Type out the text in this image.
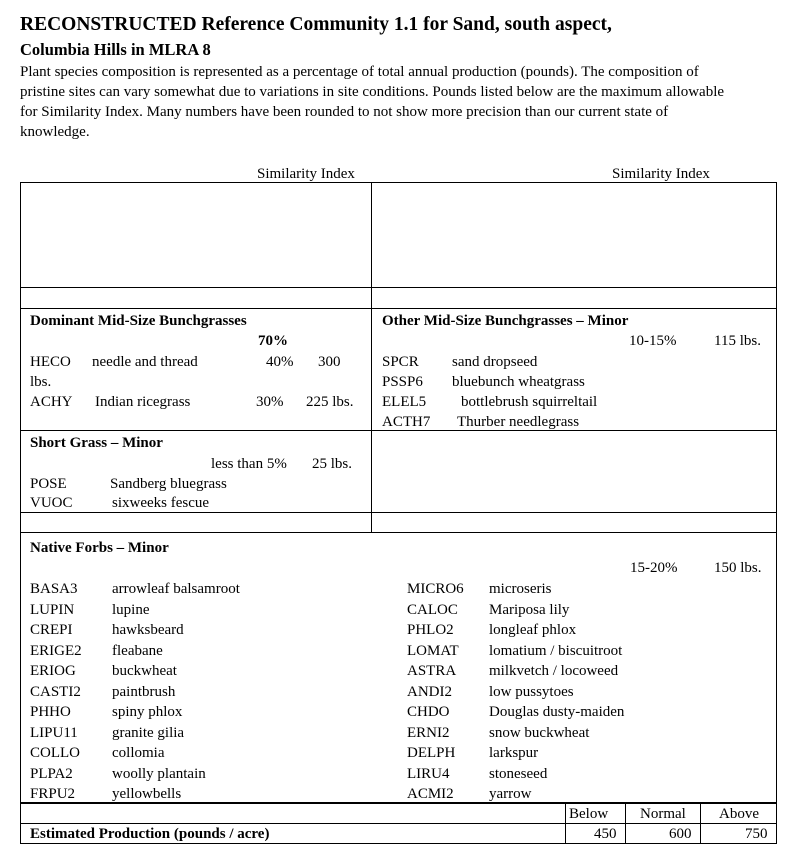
RECONSTRUCTED Reference Community 1.1 for Sand, south aspect,
Columbia Hills in MLRA 8
Plant species composition is represented as a percentage of total annual production (pounds). The composition of pristine sites can vary somewhat due to variations in site conditions. Pounds listed below are the maximum allowable for Similarity Index. Many numbers have been rounded to not show more precision than our current state of knowledge.
Similarity Index	Similarity Index
Dominant Mid-Size Bunchgrasses
70%
HECO needle and thread	40% 300
lbs.
ACHY Indian ricegrass	30% 225 lbs.
Other Mid-Size Bunchgrasses – Minor
10-15%	115 lbs.
SPCR sand dropseed
PSSP6 bluebunch wheatgrass
ELEL5 bottlebrush squirreltail
ACTH7 Thurber needlegrass
Short Grass – Minor
less than 5% 25 lbs.
POSE	Sandberg bluegrass
VUOC	sixweeks fescue
Native Forbs – Minor
15-20% 150 lbs.
BASA3 arrowleaf balsamroot
LUPIN	lupine
CREPI	hawksbeard
ERIGE2 fleabane
ERIOG buckwheat
CASTI2 paintbrush
PHHO	spiny phlox
LIPU11 granite gilia
COLLO collomia
PLPA2	woolly plantain
FRPU2 yellowbells
MICRO6 microseris
CALOC Mariposa lily
PHLO2 longleaf phlox
LOMAT lomatium / biscuitroot
ASTRA milkvetch / locoweed
ANDI2 low pussytoes
CHDO	Douglas dusty-maiden
ERNI2	snow buckwheat
DELPH larkspur
LIRU4	stoneseed
ACMI2 yarrow
Below Normal Above
Estimated Production (pounds / acre)	450	600	750
